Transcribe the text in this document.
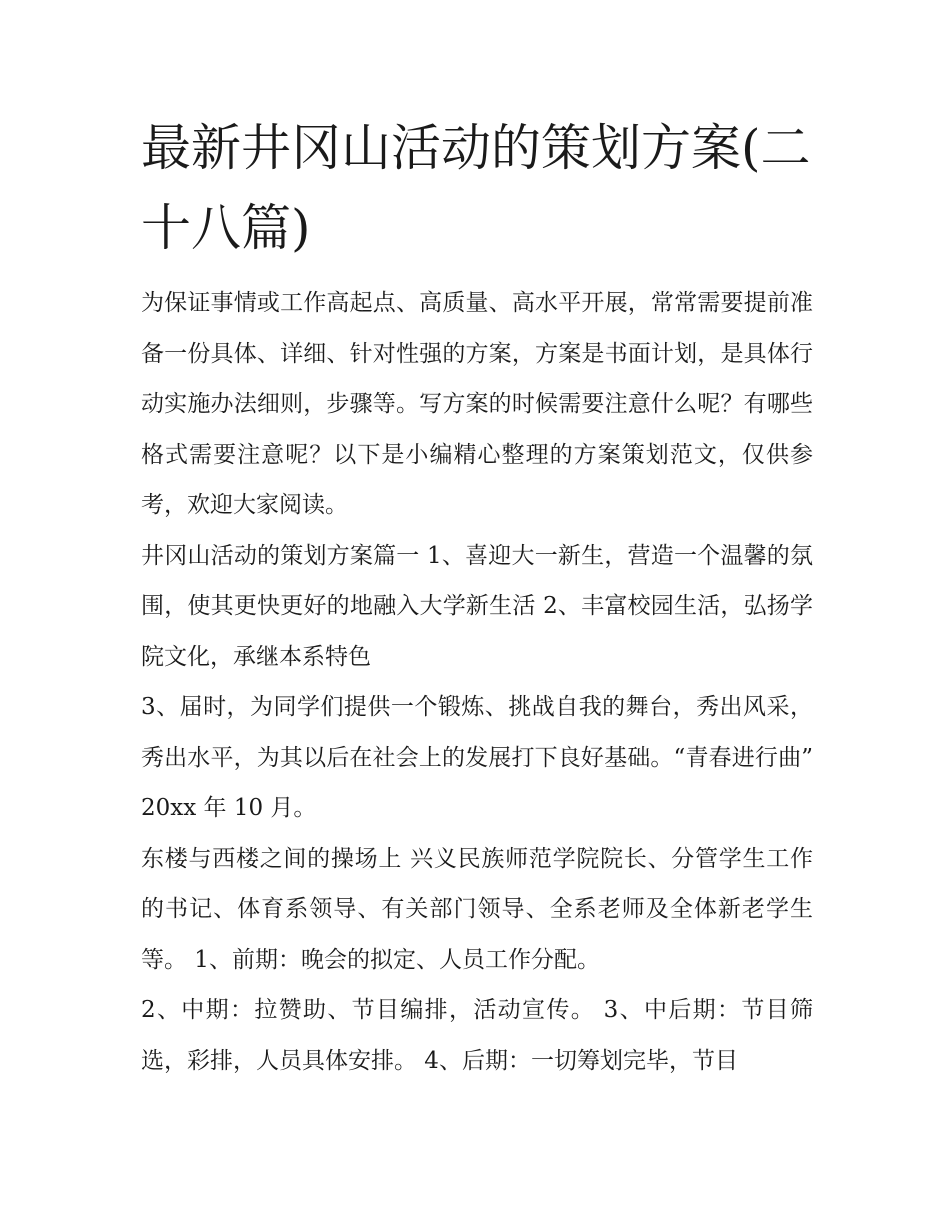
最新井冈山活动的策划方案(二十八篇)

为保证事情或工作高起点、高质量、高水平开展，常常需要提前准备一份具体、详细、针对性强的方案，方案是书面计划，是具体行动实施办法细则，步骤等。写方案的时候需要注意什么呢？有哪些格式需要注意呢？以下是小编精心整理的方案策划范文，仅供参考，欢迎大家阅读。

井冈山活动的策划方案篇一 1、喜迎大一新生，营造一个温馨的氛围，使其更快更好的地融入大学新生活 2、丰富校园生活，弘扬学院文化，承继本系特色

3、届时，为同学们提供一个锻炼、挑战自我的舞台，秀出风采，秀出水平，为其以后在社会上的发展打下良好基础。“青春进行曲” 20xx 年 10 月。

东楼与西楼之间的操场上 兴义民族师范学院院长、分管学生工作的书记、体育系领导、有关部门领导、全系老师及全体新老学生等。 1、前期：晚会的拟定、人员工作分配。

2、中期：拉赞助、节目编排，活动宣传。 3、中后期：节目筛选，彩排，人员具体安排。 4、后期：一切筹划完毕，节目
